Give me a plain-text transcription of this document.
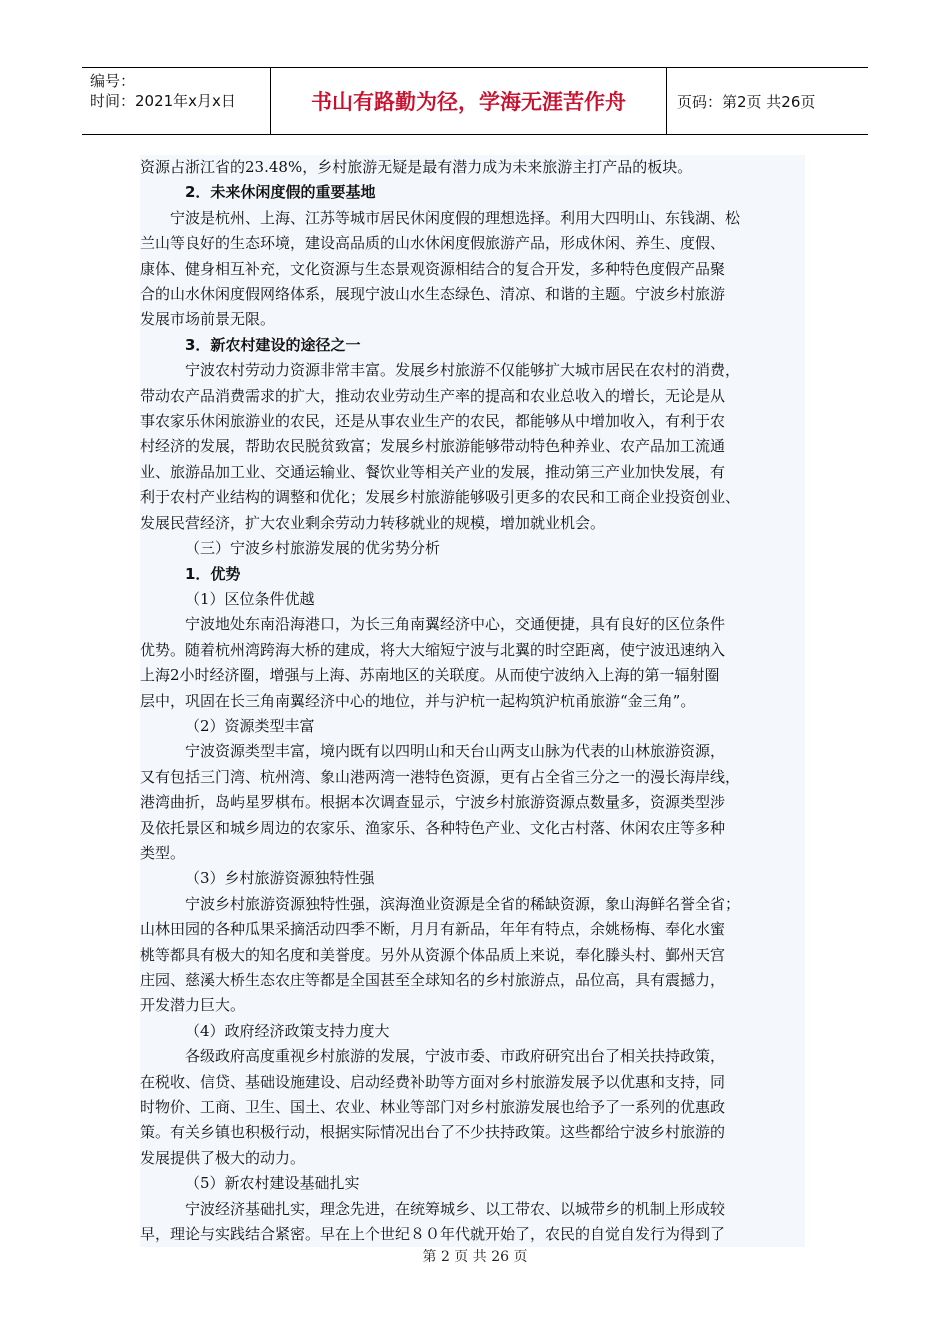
编号：
时间：2021年x月x日	书山有路勤为径，学海无涯苦作舟	页码：第2页 共26页

资源占浙江省的23.48%，乡村旅游无疑是最有潜力成为未来旅游主打产品的板块。

2．未来休闲度假的重要基地

宁波是杭州、上海、江苏等城市居民休闲度假的理想选择。利用大四明山、东钱湖、松

兰山等良好的生态环境，建设高品质的山水休闲度假旅游产品，形成休闲、养生、度假、

康体、健身相互补充，文化资源与生态景观资源相结合的复合开发，多种特色度假产品聚

合的山水休闲度假网络体系，展现宁波山水生态绿色、清凉、和谐的主题。宁波乡村旅游

发展市场前景无限。

3．新农村建设的途径之一

宁波农村劳动力资源非常丰富。发展乡村旅游不仅能够扩大城市居民在农村的消费，

带动农产品消费需求的扩大，推动农业劳动生产率的提高和农业总收入的增长，无论是从

事农家乐休闲旅游业的农民，还是从事农业生产的农民，都能够从中增加收入，有利于农

村经济的发展，帮助农民脱贫致富；发展乡村旅游能够带动特色种养业、农产品加工流通

业、旅游品加工业、交通运输业、餐饮业等相关产业的发展，推动第三产业加快发展，有

利于农村产业结构的调整和优化；发展乡村旅游能够吸引更多的农民和工商企业投资创业、

发展民营经济，扩大农业剩余劳动力转移就业的规模，增加就业机会。

（三）宁波乡村旅游发展的优劣势分析

1．优势

（1）区位条件优越

宁波地处东南沿海港口，为长三角南翼经济中心，交通便捷，具有良好的区位条件

优势。随着杭州湾跨海大桥的建成，将大大缩短宁波与北翼的时空距离，使宁波迅速纳入

上海2小时经济圈，增强与上海、苏南地区的关联度。从而使宁波纳入上海的第一辐射圈

层中，巩固在长三角南翼经济中心的地位，并与沪杭一起构筑沪杭甬旅游“金三角”。

（2）资源类型丰富

宁波资源类型丰富，境内既有以四明山和天台山两支山脉为代表的山林旅游资源，

又有包括三门湾、杭州湾、象山港两湾一港特色资源，更有占全省三分之一的漫长海岸线，

港湾曲折，岛屿星罗棋布。根据本次调查显示，宁波乡村旅游资源点数量多，资源类型涉

及依托景区和城乡周边的农家乐、渔家乐、各种特色产业、文化古村落、休闲农庄等多种

类型。

（3）乡村旅游资源独特性强

宁波乡村旅游资源独特性强，滨海渔业资源是全省的稀缺资源，象山海鲜名誉全省；

山林田园的各种瓜果采摘活动四季不断，月月有新品，年年有特点，余姚杨梅、奉化水蜜

桃等都具有极大的知名度和美誉度。另外从资源个体品质上来说，奉化滕头村、鄞州天宫

庄园、慈溪大桥生态农庄等都是全国甚至全球知名的乡村旅游点，品位高，具有震撼力，

开发潜力巨大。

（4）政府经济政策支持力度大

各级政府高度重视乡村旅游的发展，宁波市委、市政府研究出台了相关扶持政策，

在税收、信贷、基础设施建设、启动经费补助等方面对乡村旅游发展予以优惠和支持，同

时物价、工商、卫生、国土、农业、林业等部门对乡村旅游发展也给予了一系列的优惠政

策。有关乡镇也积极行动，根据实际情况出台了不少扶持政策。这些都给宁波乡村旅游的

发展提供了极大的动力。

（5）新农村建设基础扎实

宁波经济基础扎实，理念先进，在统筹城乡、以工带农、以城带乡的机制上形成较

早，理论与实践结合紧密。早在上个世纪８０年代就开始了，农民的自觉自发行为得到了

第 2 页 共 26 页
